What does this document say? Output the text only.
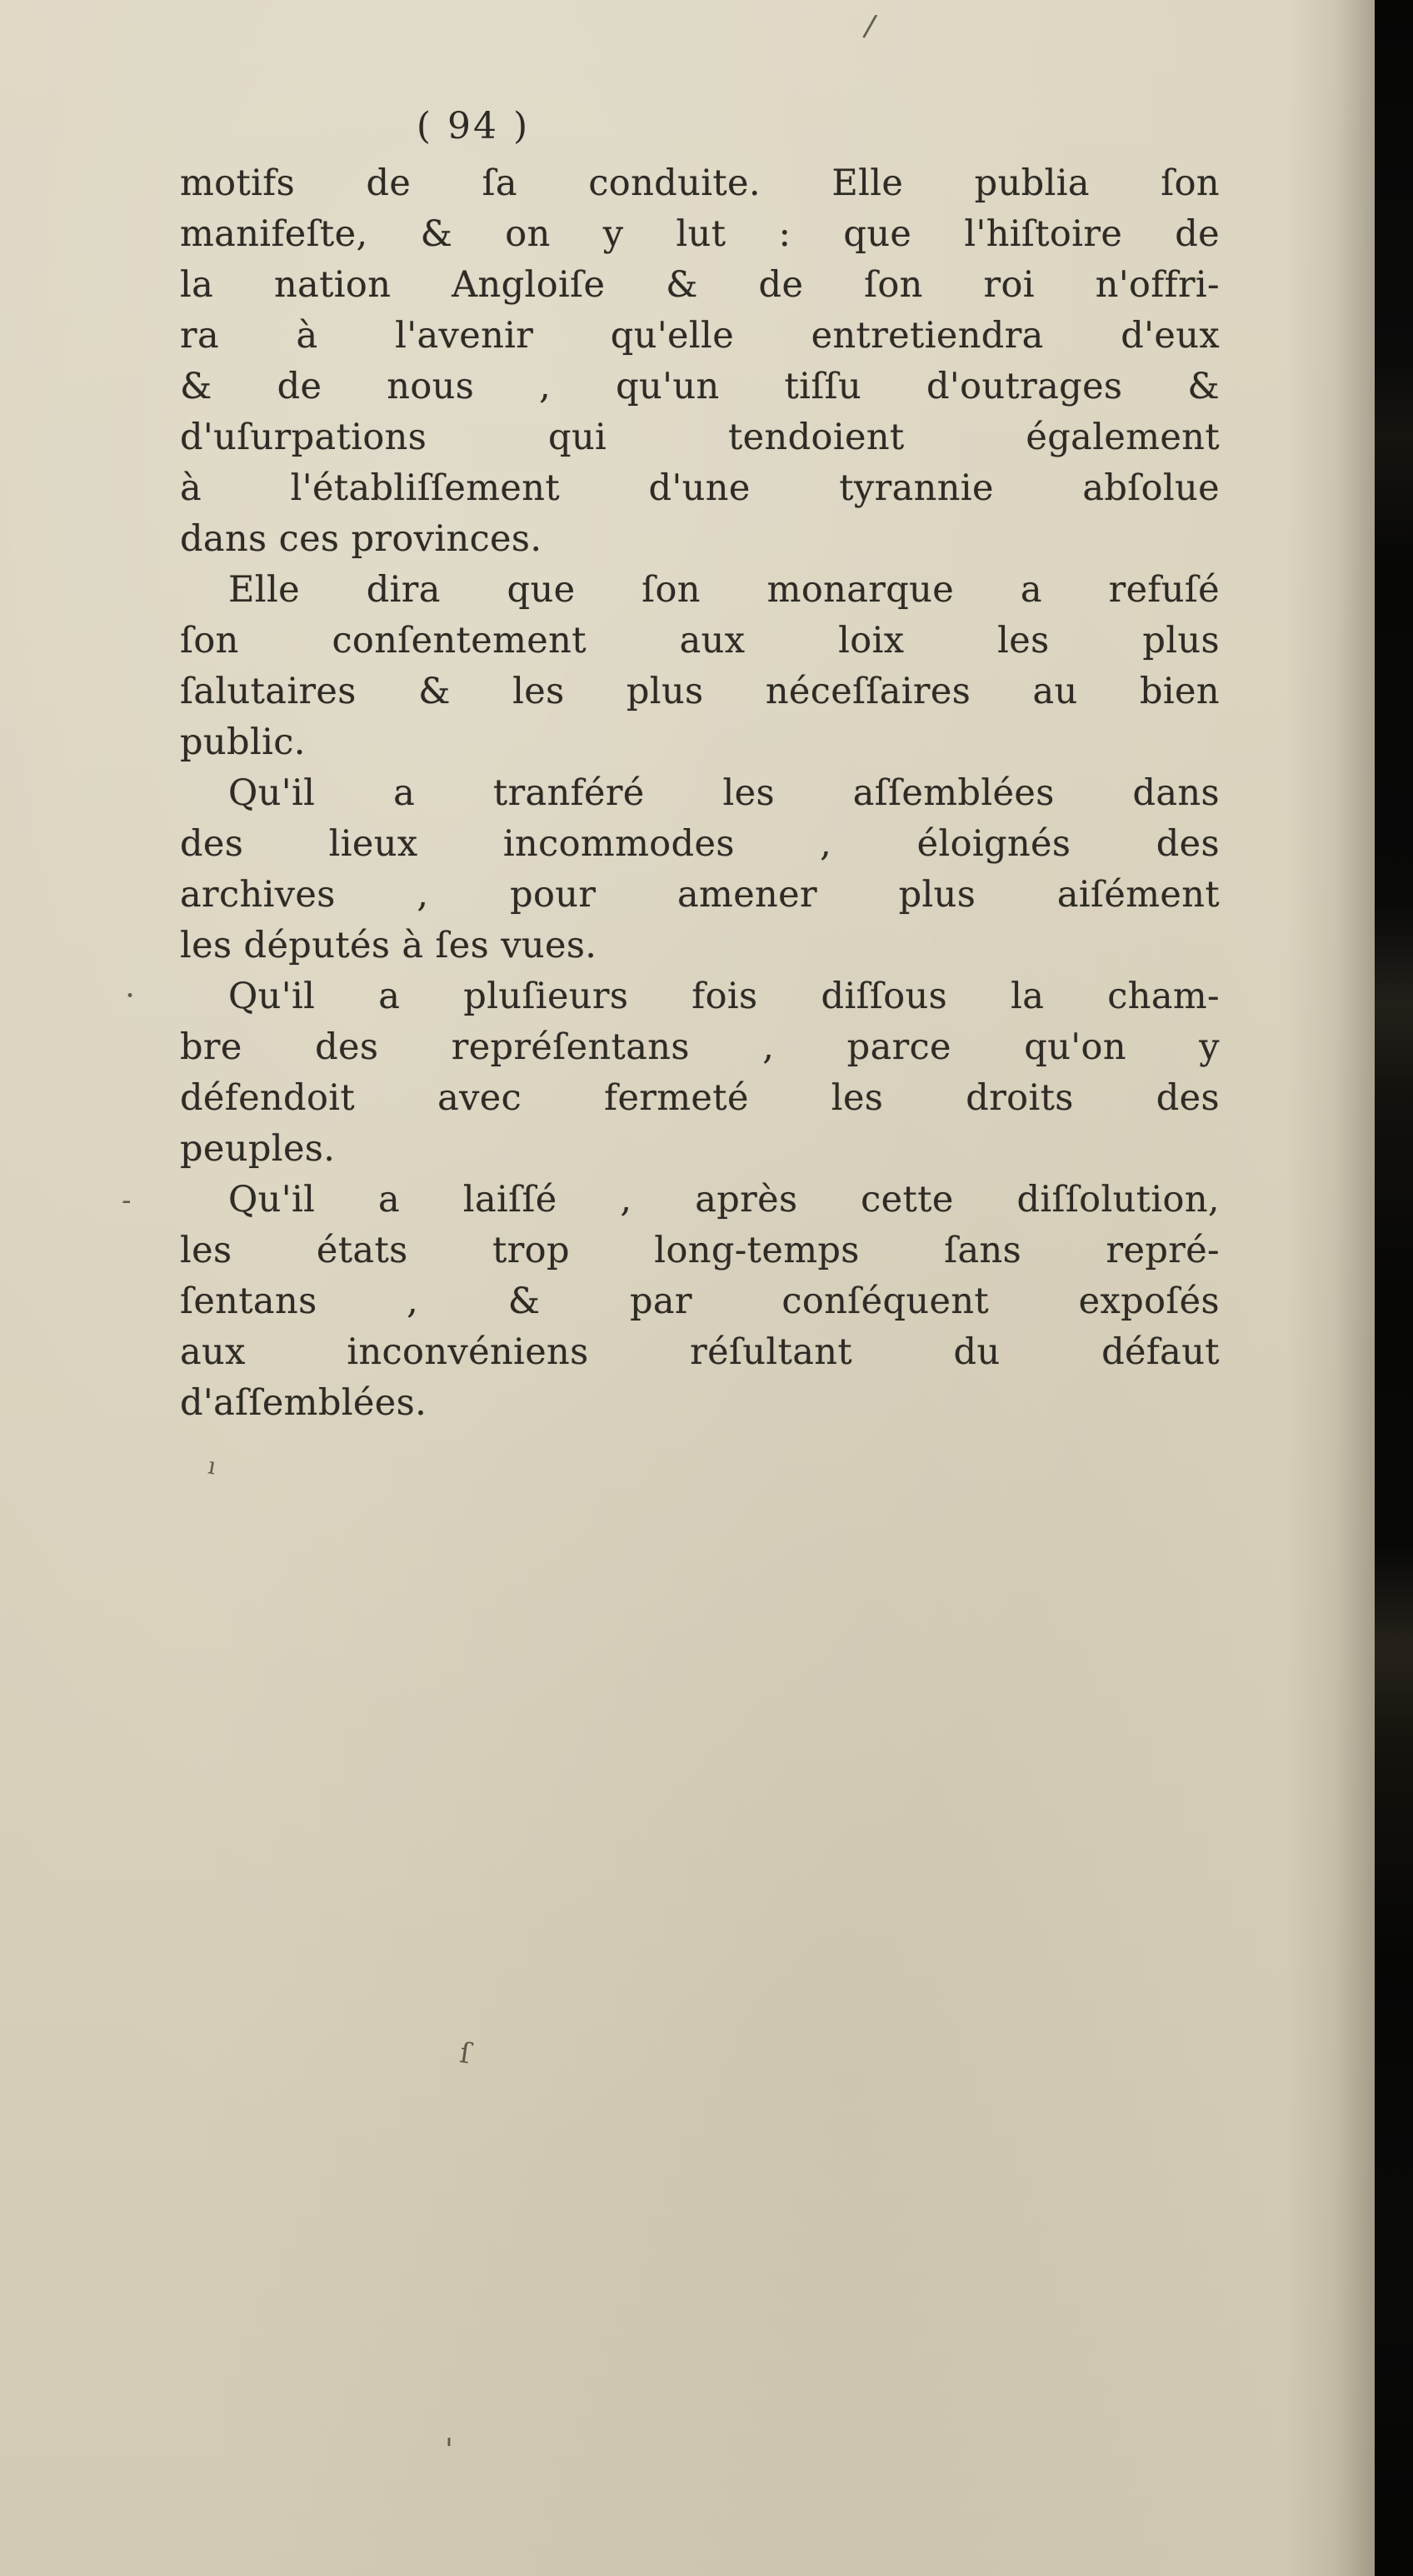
( 94 )
motifs de ſa conduite. Elle publia ſon
manifeſte, & on y lut : que l'hiſtoire de
la nation Angloiſe & de ſon roi n'offri-
ra à l'avenir qu'elle entretiendra d'eux
& de nous , qu'un tiſſu d'outrages &
d'uſurpations qui tendoient également
à l'établiſſement d'une tyrannie abſolue
dans ces provinces.
Elle dira que ſon monarque a refuſé
ſon conſentement aux loix les plus
ſalutaires & les plus néceſſaires au bien
public.
Qu'il a tranféré les aſſemblées dans
des lieux incommodes , éloignés des
archives , pour amener plus aiſément
les députés à ſes vues.
Qu'il a pluſieurs fois diſſous la cham-
bre des repréſentans , parce qu'on y
défendoit avec fermeté les droits des
peuples.
Qu'il a laiſſé , après cette diſſolution,
les états trop long-temps ſans repré-
ſentans , & par conſéquent expoſés
aux inconvéniens réſultant du défaut
d'aſſemblées.
/
·
-
ı
ſ
'
